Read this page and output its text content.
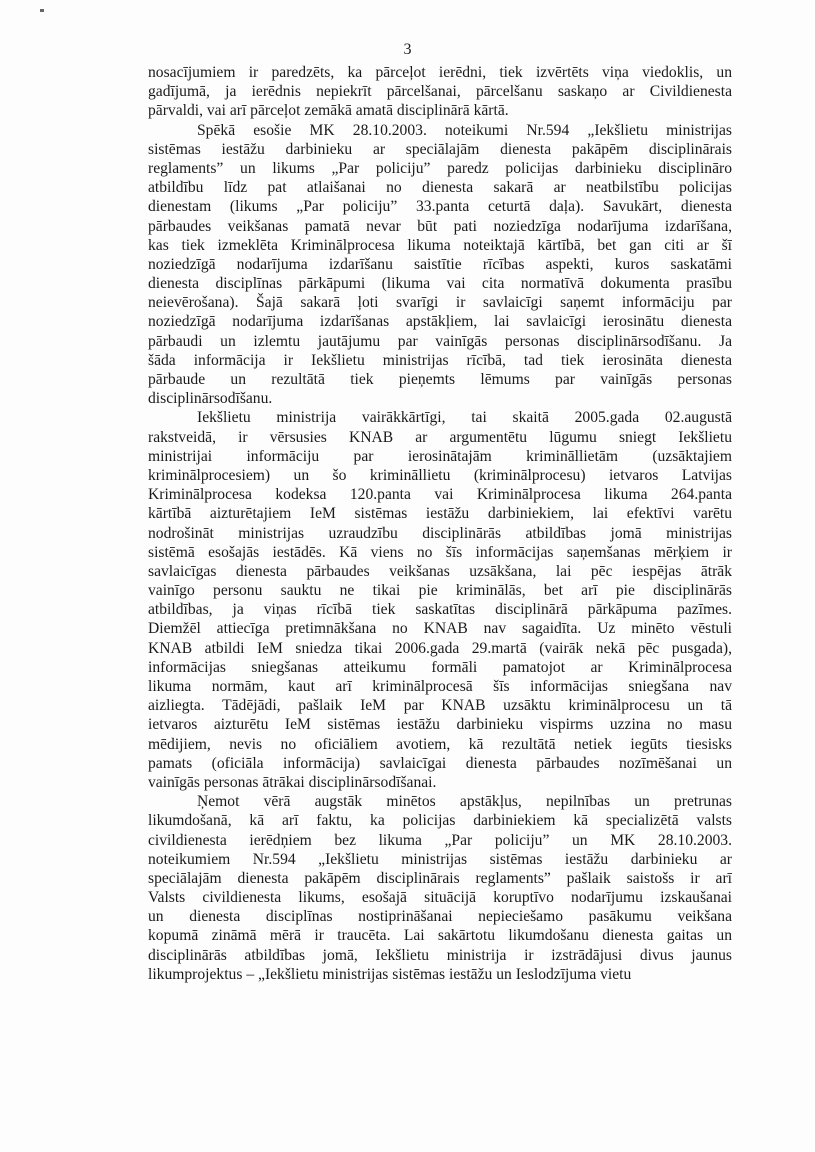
3
nosacījumiem ir paredzēts, ka pārceļot ierēdni, tiek izvērtēts viņa viedoklis, un
gadījumā, ja ierēdnis nepiekrīt pārcelšanai, pārcelšanu saskaņo ar Civildienesta
pārvaldi, vai arī pārceļot zemākā amatā disciplinārā kārtā.
Spēkā esošie MK 28.10.2003. noteikumi Nr.594 „Iekšlietu ministrijas
sistēmas iestāžu darbinieku ar speciālajām dienesta pakāpēm disciplinārais
reglaments” un likums „Par policiju” paredz policijas darbinieku disciplināro
atbildību līdz pat atlaišanai no dienesta sakarā ar neatbilstību policijas
dienestam (likums „Par policiju” 33.panta ceturtā daļa). Savukārt, dienesta
pārbaudes veikšanas pamatā nevar būt pati noziedzīga nodarījuma izdarīšana,
kas tiek izmeklēta Kriminālprocesa likuma noteiktajā kārtībā, bet gan citi ar šī
noziedzīgā nodarījuma izdarīšanu saistītie rīcības aspekti, kuros saskatāmi
dienesta disciplīnas pārkāpumi (likuma vai cita normatīvā dokumenta prasību
neievērošana). Šajā sakarā ļoti svarīgi ir savlaicīgi saņemt informāciju par
noziedzīgā nodarījuma izdarīšanas apstākļiem, lai savlaicīgi ierosinātu dienesta
pārbaudi un izlemtu jautājumu par vainīgās personas disciplinārsodīšanu. Ja
šāda informācija ir Iekšlietu ministrijas rīcībā, tad tiek ierosināta dienesta
pārbaude un rezultātā tiek pieņemts lēmums par vainīgās personas
disciplinārsodīšanu.
Iekšlietu ministrija vairākkārtīgi, tai skaitā 2005.gada 02.augustā
rakstveidā, ir vērsusies KNAB ar argumentētu lūgumu sniegt Iekšlietu
ministrijai informāciju par ierosinātajām krimināllietām (uzsāktajiem
kriminālprocesiem) un šo krimināllietu (kriminālprocesu) ietvaros Latvijas
Kriminālprocesa kodeksa 120.panta vai Kriminālprocesa likuma 264.panta
kārtībā aizturētajiem IeM sistēmas iestāžu darbiniekiem, lai efektīvi varētu
nodrošināt ministrijas uzraudzību disciplinārās atbildības jomā ministrijas
sistēmā esošajās iestādēs. Kā viens no šīs informācijas saņemšanas mērķiem ir
savlaicīgas dienesta pārbaudes veikšanas uzsākšana, lai pēc iespējas ātrāk
vainīgo personu sauktu ne tikai pie kriminālās, bet arī pie disciplinārās
atbildības, ja viņas rīcībā tiek saskatītas disciplinārā pārkāpuma pazīmes.
Diemžēl attiecīga pretimnākšana no KNAB nav sagaidīta. Uz minēto vēstuli
KNAB atbildi IeM sniedza tikai 2006.gada 29.martā (vairāk nekā pēc pusgada),
informācijas sniegšanas atteikumu formāli pamatojot ar Kriminālprocesa
likuma normām, kaut arī kriminālprocesā šīs informācijas sniegšana nav
aizliegta. Tādējādi, pašlaik IeM par KNAB uzsāktu kriminālprocesu un tā
ietvaros aizturētu IeM sistēmas iestāžu darbinieku vispirms uzzina no masu
mēdijiem, nevis no oficiāliem avotiem, kā rezultātā netiek iegūts tiesisks
pamats (oficiāla informācija) savlaicīgai dienesta pārbaudes nozīmēšanai un
vainīgās personas ātrākai disciplinārsodīšanai.
Ņemot vērā augstāk minētos apstākļus, nepilnības un pretrunas
likumdošanā, kā arī faktu, ka policijas darbiniekiem kā specializētā valsts
civildienesta ierēdņiem bez likuma „Par policiju” un MK 28.10.2003.
noteikumiem Nr.594 „Iekšlietu ministrijas sistēmas iestāžu darbinieku ar
speciālajām dienesta pakāpēm disciplinārais reglaments” pašlaik saistošs ir arī
Valsts civildienesta likums, esošajā situācijā koruptīvo nodarījumu izskaušanai
un dienesta disciplīnas nostiprināšanai nepieciešamo pasākumu veikšana
kopumā zināmā mērā ir traucēta. Lai sakārtotu likumdošanu dienesta gaitas un
disciplinārās atbildības jomā, Iekšlietu ministrija ir izstrādājusi divus jaunus
likumprojektus – „Iekšlietu ministrijas sistēmas iestāžu un Ieslodzījuma vietu
